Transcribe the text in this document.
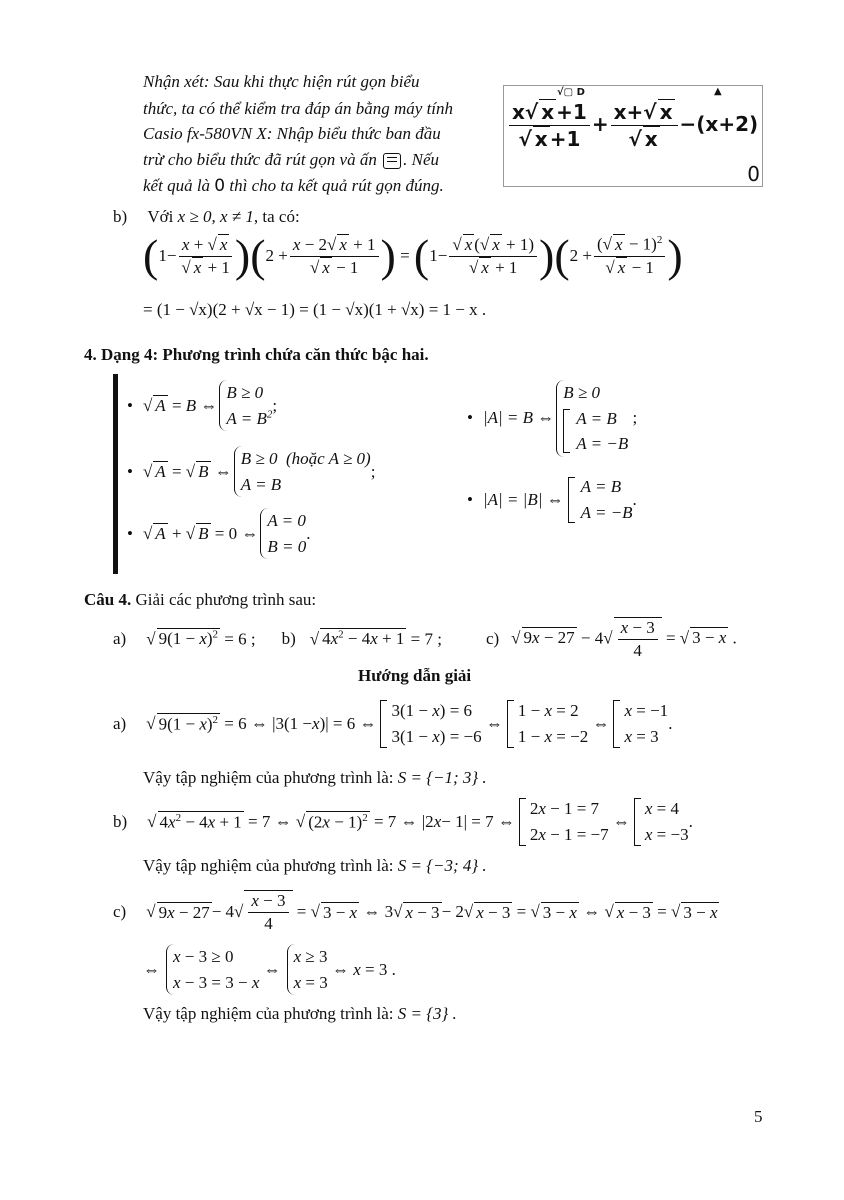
Nhận xét: Sau khi thực hiện rút gọn biểu
thức, ta có thể kiểm tra đáp án bằng máy tính
Casio fx-580VN X: Nhập biểu thức ban đầu
trừ cho biểu thức đã rút gọn và ấn . Nếu
kết quả là 0 thì cho ta kết quả rút gọn đúng.
√▢ D	▲
$\frac{x√ x +1}{√ x +1} + \frac{x+√ x}{√ x} -(x+2)$
0
b) Với x ≥ 0, x ≠ 1, ta có:
( $1- \frac{x + √ x}{√ x + 1}$ )( $2 + \frac{x - 2√ x + 1}{√ x - 1}$ ) = ( $1- \frac{√ x (√ x + 1)}{√ x + 1}$ )( $2 + \frac{(√ x - 1)^2}{√ x - 1}$ )
= (1 − √x)(2 + √x − 1) = (1 − √x)(1 + √x) = 1 − x .
4. Dạng 4: Phương trình chứa căn thức bậc hai.
• √ A = B ⇔
B ≥ 0
$A = B^2$ ;
• √ A = √ B ⇔
B ≥ 0  (hoặc A ≥ 0)
A = B
;
• √ A + √ B = 0 ⇔
A = 0
B = 0
.
• |A| = B ⇔
B ≥ 0
A = B
A = −B
;
• |A| = |B| ⇔
A = B
A = −B
.
Câu 4. Giải các phương trình sau:
a) √ $9(1 - x)^2 = 6$ ; b) √ $4x^2 - 4x + 1 = 7$ ;	c) √ $9x - 27 - 4√ \frac{x - 3}{4}$ = √ 3 − x .
Hướng dẫn giải
a) √ $9(1 - x)^2 = 6$ ⇔ |3(1 − x )| = 6 ⇔
3(1 − x) = 6
3(1 − x) = −6
⇔
1 − x = 2
1 − x = −2
⇔
x = −1
x = 3
.
Vậy tập nghiệm của phương trình là: S = {−1; 3} .
b) √ $4x^2 - 4x + 1 = 7$ ⇔ √ $(2x - 1)^2 = 7$ ⇔ |2 x − 1| = 7 ⇔
2x − 1 = 7
2x − 1 = −7
⇔
x = 4
x = −3
.
Vậy tập nghiệm của phương trình là: S = {−3; 4} .
c) √ $9x - 27 - 4√ \frac{x - 3}{4}$ = √ 3 − x ⇔ 3√ x − 3 − 2√ x − 3 = √ 3 − x ⇔ √ x − 3 = √ 3 − x
⇔
x − 3 ≥ 0
x − 3 = 3 − x
⇔
x ≥ 3
x = 3
⇔ x = 3 .
Vậy tập nghiệm của phương trình là: S = {3} .
5
